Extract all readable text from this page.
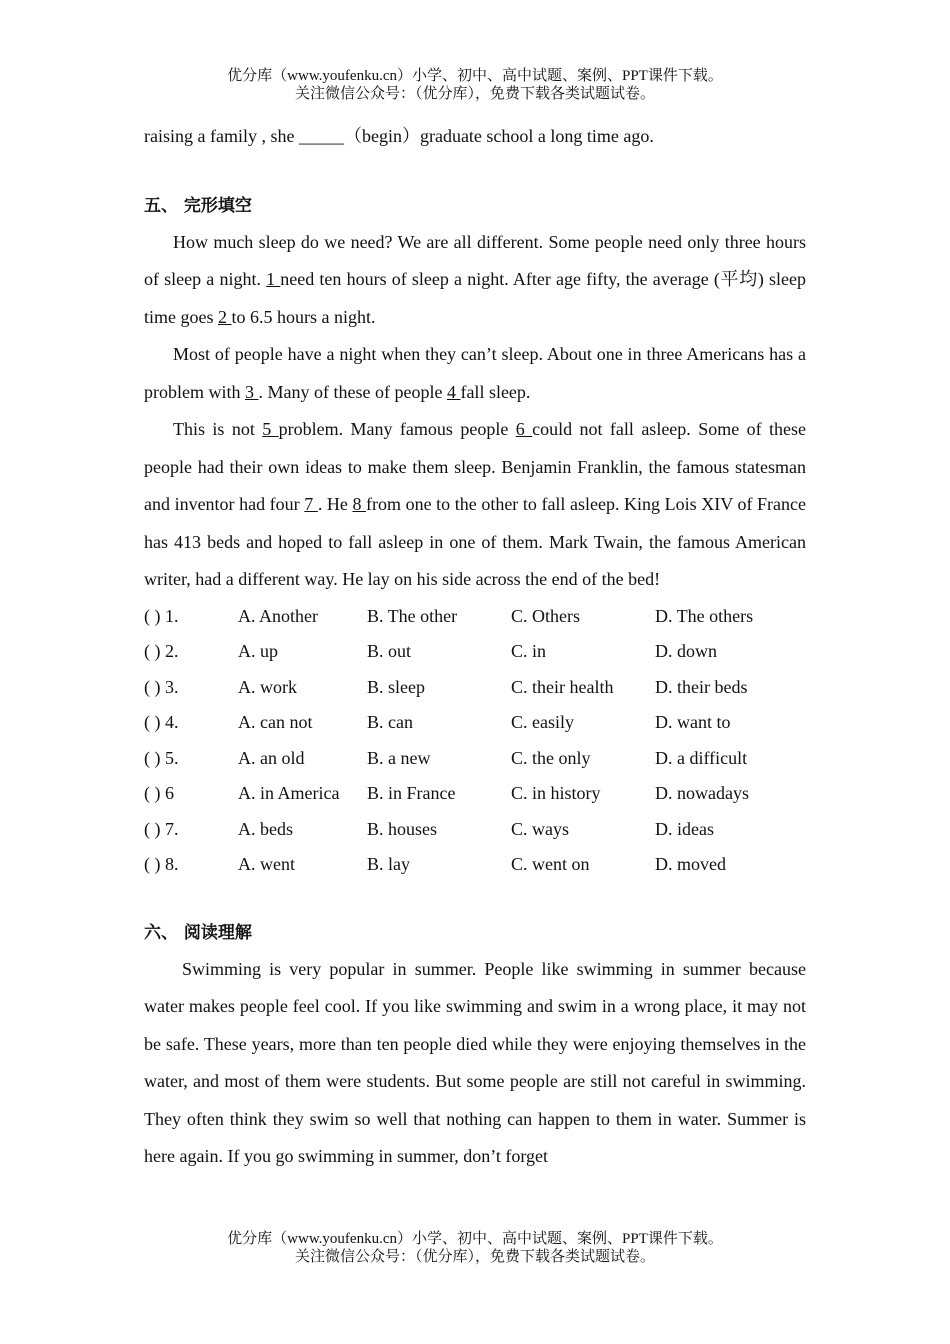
优分库（www.youfenku.cn）小学、初中、高中试题、案例、PPT课件下载。
关注微信公众号：（优分库），免费下载各类试题试卷。

raising a family , she _____（begin）graduate school a long time ago.

五、 完形填空

How much sleep do we need? We are all different. Some people need only three hours of sleep a night. 1 need ten hours of sleep a night. After age fifty, the average (平均) sleep time goes 2 to 6.5 hours a night.

Most of people have a night when they can’t sleep. About one in three Americans has a problem with 3 . Many of these of people 4 fall sleep.

This is not 5 problem. Many famous people 6 could not fall asleep. Some of these people had their own ideas to make them sleep. Benjamin Franklin, the famous statesman and inventor had four 7 . He 8 from one to the other to fall asleep. King Lois XIV of France has 413 beds and hoped to fall asleep in one of them. Mark Twain, the famous American writer, had a different way. He lay on his side across the end of the bed!

( ) 1.	A. Another	B. The other	C. Others	D. The others
( ) 2.	A. up	B. out	C. in	D. down
( ) 3.	A. work	B. sleep	C. their health	D. their beds
( ) 4.	A. can not	B. can	C. easily	D. want to
( ) 5.	A. an old	B. a new	C. the only	D. a difficult
( ) 6	A. in America	B. in France	C. in history	D. nowadays
( ) 7.	A. beds	B. houses	C. ways	D. ideas
( ) 8.	A. went	B. lay	C. went on	D. moved
六、 阅读理解

Swimming is very popular in summer. People like swimming in summer because water makes people feel cool. If you like swimming and swim in a wrong place, it may not be safe. These years, more than ten people died while they were enjoying themselves in the water, and most of them were students. But some people are still not careful in swimming. They often think they swim so well that nothing can happen to them in water. Summer is here again. If you go swimming in summer, don’t forget

优分库（www.youfenku.cn）小学、初中、高中试题、案例、PPT课件下载。
关注微信公众号：（优分库），免费下载各类试题试卷。
